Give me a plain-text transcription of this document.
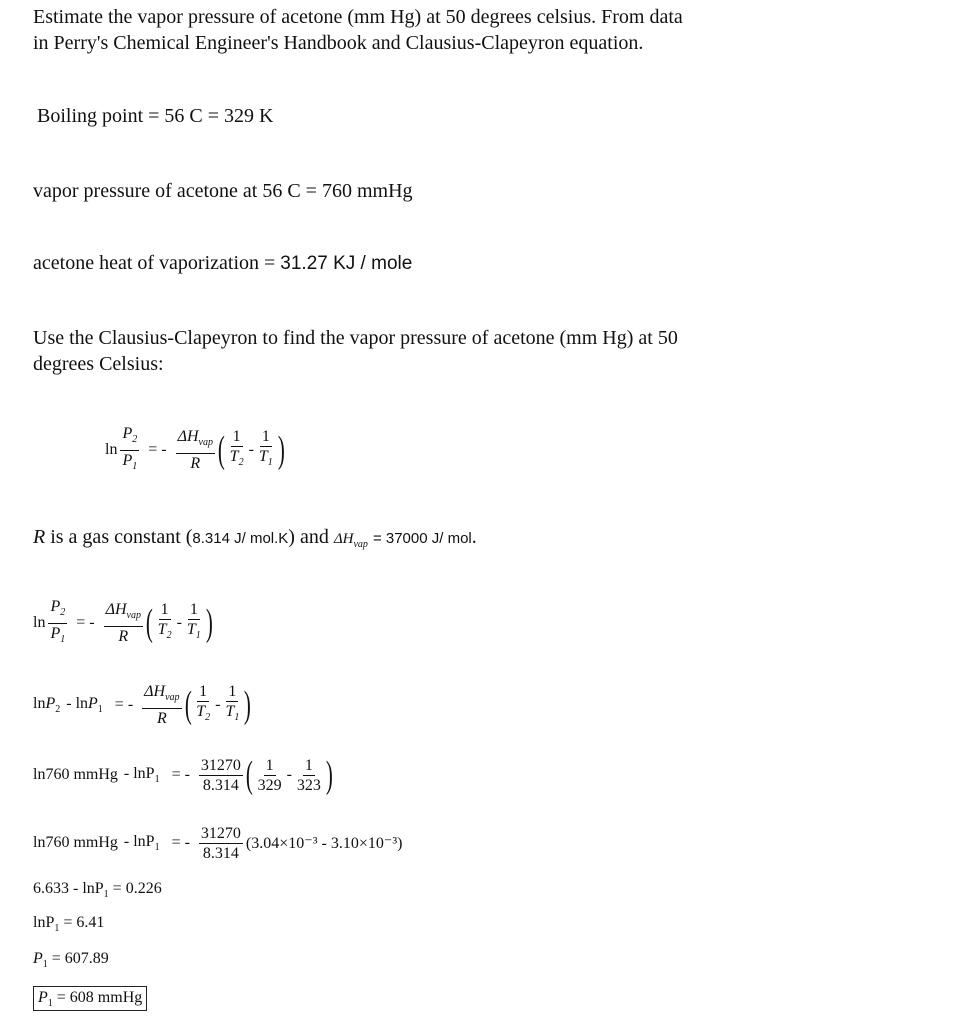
Estimate the vapor pressure of acetone (mm Hg) at 50 degrees celsius. From data
in Perry's Chemical Engineer's Handbook and Clausius-Clapeyron equation.
Boiling point = 56 C = 329 K
vapor pressure of acetone at 56 C = 760 mmHg
acetone heat of vaporization = 31.27 KJ / mole
Use the Clausius-Clapeyron to find the vapor pressure of acetone (mm Hg) at 50
degrees Celsius:
$\ln \frac{P_2}{P_1}$ = - $\frac{\Delta H_{vap}}{R}$ ( $\frac{1}{T_2} - \frac{1}{T_1}$ )
R is a gas constant (8.314 J/ mol.K) and $\Delta H_{vap} = 37000$ J/ mol.
$\ln \frac{P_2}{P_1}$ = - $\frac{\Delta H_{vap}}{R}$ ( $\frac{1}{T_2} - \frac{1}{T_1}$ )
lnP$_2$ - lnP$_1$ = - $\frac{\Delta H_{vap}}{R}$ ( $\frac{1}{T_2} - \frac{1}{T_1}$ )
ln760 mmHg - lnP$_1$ = - $\frac{31270}{8.314}$ ( $\frac{1}{329} - \frac{1}{323}$ )
ln760 mmHg - lnP$_1$ = - $\frac{31270}{8.314} (3.04\times 10^{-3} - 3.10\times 10^{-3})$
6.633 - lnP$_1$ = 0.226
lnP$_1$ = 6.41
$P_1 = 607.89$
$P_1 = 608$ mmHg
